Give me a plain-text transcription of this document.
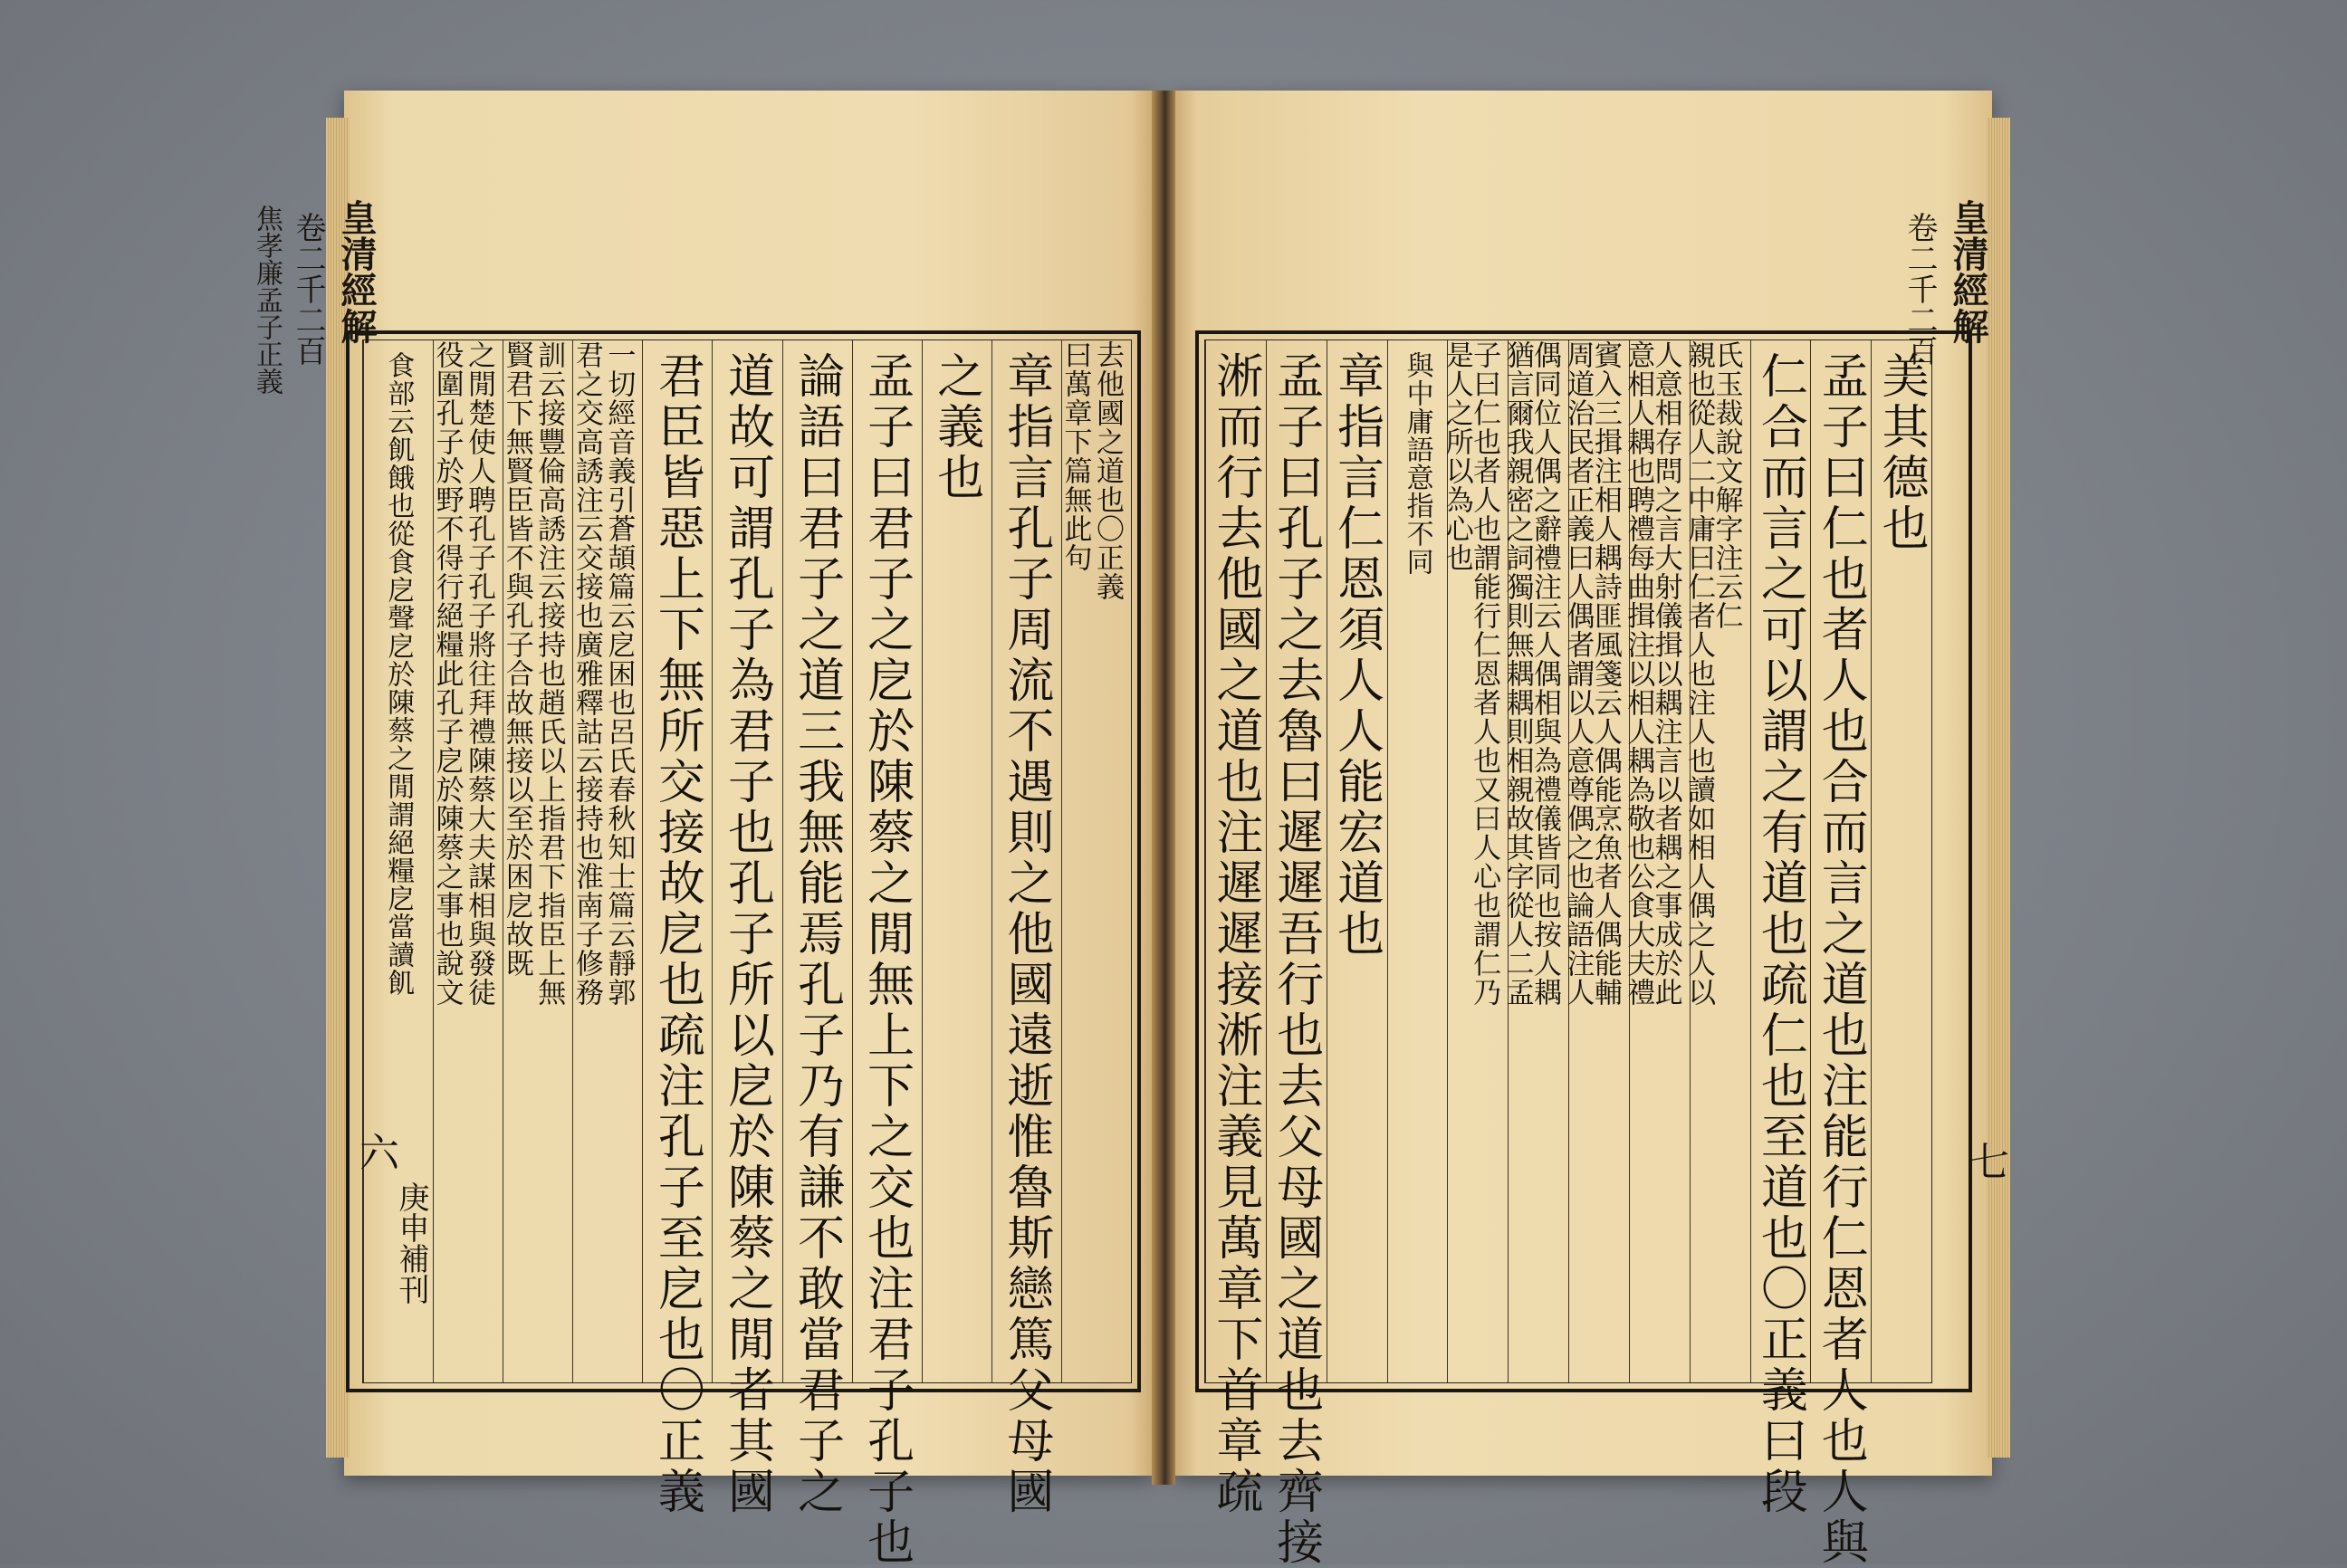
去他國之道也〇正義
曰萬章下篇無此句
章指言孔子周流不遇則之他國遠逝惟魯斯戀篤父母國
之義也
孟子曰君子之戹於陳蔡之閒無上下之交也注君子孔子也
論語曰君子之道三我無能焉孔子乃有謙不敢當君子之
道故可謂孔子為君子也孔子所以戹於陳蔡之閒者其國
君臣皆惡上下無所交接故戹也疏注孔子至戹也〇正義
一切經音義引蒼頡篇云戹困也呂氏春秋知士篇云靜郭
君之交高誘注云交接也廣雅釋詁云接持也淮南子修務
訓云接豐倫高誘注云接持也趙氏以上指君下指臣上無
賢君下無賢臣皆不與孔子合故無接以至於困戹故既
之閒楚使人聘孔子孔子將往拜禮陳蔡大夫謀相與發徒
役圍孔子於野不得行絕糧此孔子戹於陳蔡之事也說文
食部云飢餓也從食戹聲戹於陳蔡之閒謂絕糧戹當讀飢
皇清經解
卷二千二百
焦孝廉孟子正義
六
庚申補刊
美其德也
孟子曰仁也者人也合而言之道也注能行仁恩者人也人與
仁合而言之可以謂之有道也疏仁也至道也〇正義曰段
氏玉裁說文解字注云仁
親也從人二中庸曰仁者人也注人也讀如相人偶之人以
人意相存問之言大射儀揖以耦注言以者耦之事成於此
意相人耦也聘禮每曲揖注以相人耦為敬也公食大夫禮
賓入三揖注相人耦詩匪風箋云人偶能烹魚者人偶能輔
周道治民者正義曰人偶者謂以人意尊偶之也論語注人
偶同位人偶之辭禮注云人偶相與為禮儀皆同也按人耦
猶言爾我親密之詞獨則無耦耦則相親故其字從人二孟
子曰仁也者人也謂能行仁恩者人也又曰人心也謂仁乃
是人之所以為心也
與中庸語意指不同
章指言仁恩須人人能宏道也
孟子曰孔子之去魯曰遲遲吾行也去父母國之道也去齊接
淅而行去他國之道也注遲遲接淅注義見萬章下首章疏
皇清經解
卷二千二百
七
